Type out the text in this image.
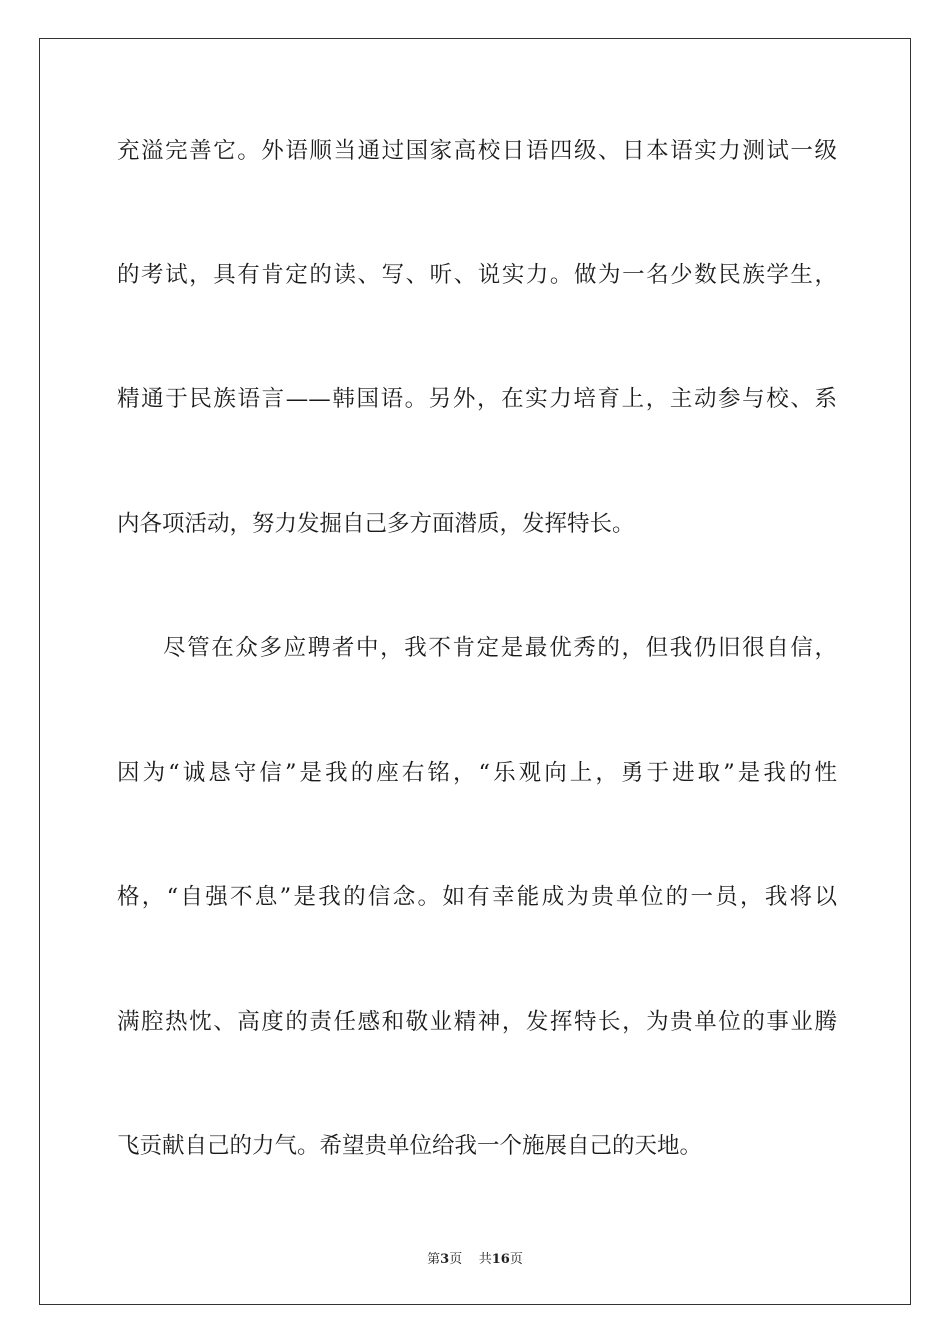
充溢完善它。外语顺当通过国家高校日语四级、日本语实力测试一级
的考试，具有肯定的读、写、听、说实力。做为一名少数民族学生，
精通于民族语言——韩国语。另外，在实力培育上，主动参与校、系
内各项活动，努力发掘自己多方面潜质，发挥特长。
尽管在众多应聘者中，我不肯定是最优秀的，但我仍旧很自信，
因为“诚恳守信”是我的座右铭，“乐观向上，勇于进取”是我的性
格，“自强不息”是我的信念。如有幸能成为贵单位的一员，我将以
满腔热忱、高度的责任感和敬业精神，发挥特长，为贵单位的事业腾
飞贡献自己的力气。希望贵单位给我一个施展自己的天地。
第3页 共16页
